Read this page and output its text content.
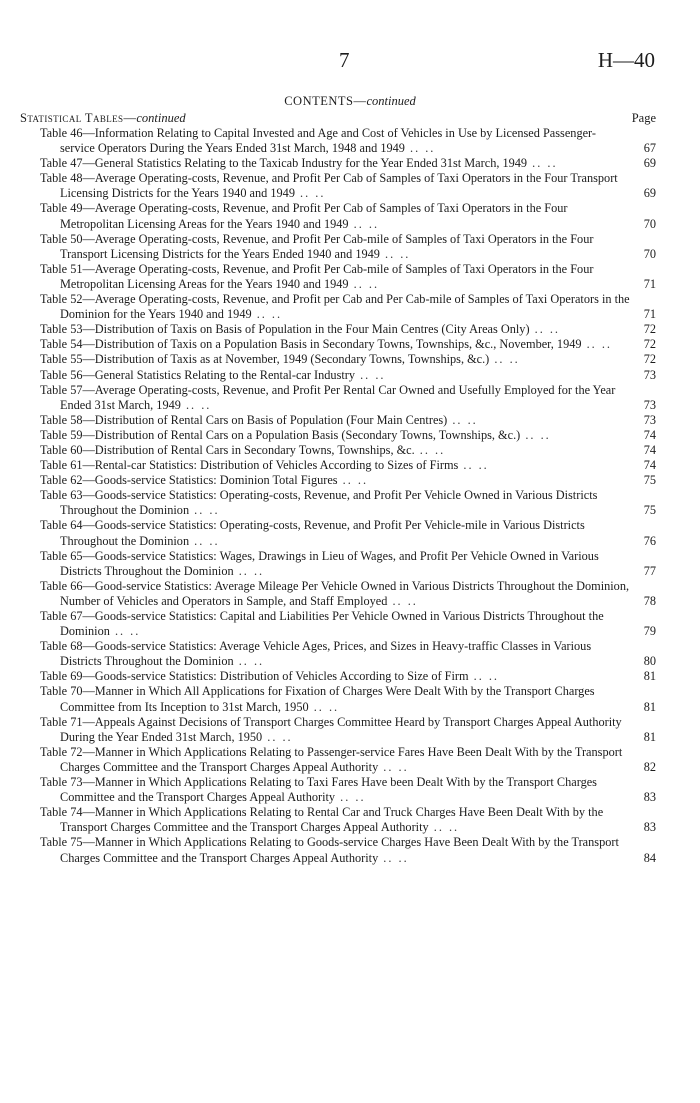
7	H—40
CONTENTS—continued
Statistical Tables—continued	Page
Table 46—Information Relating to Capital Invested and Age and Cost of Vehicles in Use by Licensed Passenger-service Operators During the Years Ended 31st March, 1948 and 1949 .. ..	67
Table 47—General Statistics Relating to the Taxicab Industry for the Year Ended 31st March, 1949 .. ..	69
Table 48—Average Operating-costs, Revenue, and Profit Per Cab of Samples of Taxi Operators in the Four Transport Licensing Districts for the Years 1940 and 1949 .. ..	69
Table 49—Average Operating-costs, Revenue, and Profit Per Cab of Samples of Taxi Operators in the Four Metropolitan Licensing Areas for the Years 1940 and 1949 .. ..	70
Table 50—Average Operating-costs, Revenue, and Profit Per Cab-mile of Samples of Taxi Operators in the Four Transport Licensing Districts for the Years Ended 1940 and 1949 .. ..	70
Table 51—Average Operating-costs, Revenue, and Profit Per Cab-mile of Samples of Taxi Operators in the Four Metropolitan Licensing Areas for the Years 1940 and 1949 .. ..	71
Table 52—Average Operating-costs, Revenue, and Profit per Cab and Per Cab-mile of Samples of Taxi Operators in the Dominion for the Years 1940 and 1949 .. ..	71
Table 53—Distribution of Taxis on Basis of Population in the Four Main Centres (City Areas Only) .. ..	72
Table 54—Distribution of Taxis on a Population Basis in Secondary Towns, Townships, &c., November, 1949 .. ..	72
Table 55—Distribution of Taxis as at November, 1949 (Secondary Towns, Townships, &c.) .. ..	72
Table 56—General Statistics Relating to the Rental-car Industry .. ..	73
Table 57—Average Operating-costs, Revenue, and Profit Per Rental Car Owned and Usefully Employed for the Year Ended 31st March, 1949 .. ..	73
Table 58—Distribution of Rental Cars on Basis of Population (Four Main Centres) .. ..	73
Table 59—Distribution of Rental Cars on a Population Basis (Secondary Towns, Townships, &c.) .. ..	74
Table 60—Distribution of Rental Cars in Secondary Towns, Townships, &c. .. ..	74
Table 61—Rental-car Statistics: Distribution of Vehicles According to Sizes of Firms .. ..	74
Table 62—Goods-service Statistics: Dominion Total Figures .. ..	75
Table 63—Goods-service Statistics: Operating-costs, Revenue, and Profit Per Vehicle Owned in Various Districts Throughout the Dominion .. ..	75
Table 64—Goods-service Statistics: Operating-costs, Revenue, and Profit Per Vehicle-mile in Various Districts Throughout the Dominion .. ..	76
Table 65—Goods-service Statistics: Wages, Drawings in Lieu of Wages, and Profit Per Vehicle Owned in Various Districts Throughout the Dominion .. ..	77
Table 66—Good-service Statistics: Average Mileage Per Vehicle Owned in Various Districts Throughout the Dominion, Number of Vehicles and Operators in Sample, and Staff Employed .. ..	78
Table 67—Goods-service Statistics: Capital and Liabilities Per Vehicle Owned in Various Districts Throughout the Dominion .. ..	79
Table 68—Goods-service Statistics: Average Vehicle Ages, Prices, and Sizes in Heavy-traffic Classes in Various Districts Throughout the Dominion .. ..	80
Table 69—Goods-service Statistics: Distribution of Vehicles According to Size of Firm .. ..	81
Table 70—Manner in Which All Applications for Fixation of Charges Were Dealt With by the Transport Charges Committee from Its Inception to 31st March, 1950 .. ..	81
Table 71—Appeals Against Decisions of Transport Charges Committee Heard by Transport Charges Appeal Authority During the Year Ended 31st March, 1950 .. ..	81
Table 72—Manner in Which Applications Relating to Passenger-service Fares Have Been Dealt With by the Transport Charges Committee and the Transport Charges Appeal Authority .. ..	82
Table 73—Manner in Which Applications Relating to Taxi Fares Have been Dealt With by the Transport Charges Committee and the Transport Charges Appeal Authority .. ..	83
Table 74—Manner in Which Applications Relating to Rental Car and Truck Charges Have Been Dealt With by the Transport Charges Committee and the Transport Charges Appeal Authority .. ..	83
Table 75—Manner in Which Applications Relating to Goods-service Charges Have Been Dealt With by the Transport Charges Committee and the Transport Charges Appeal Authority .. ..	84
